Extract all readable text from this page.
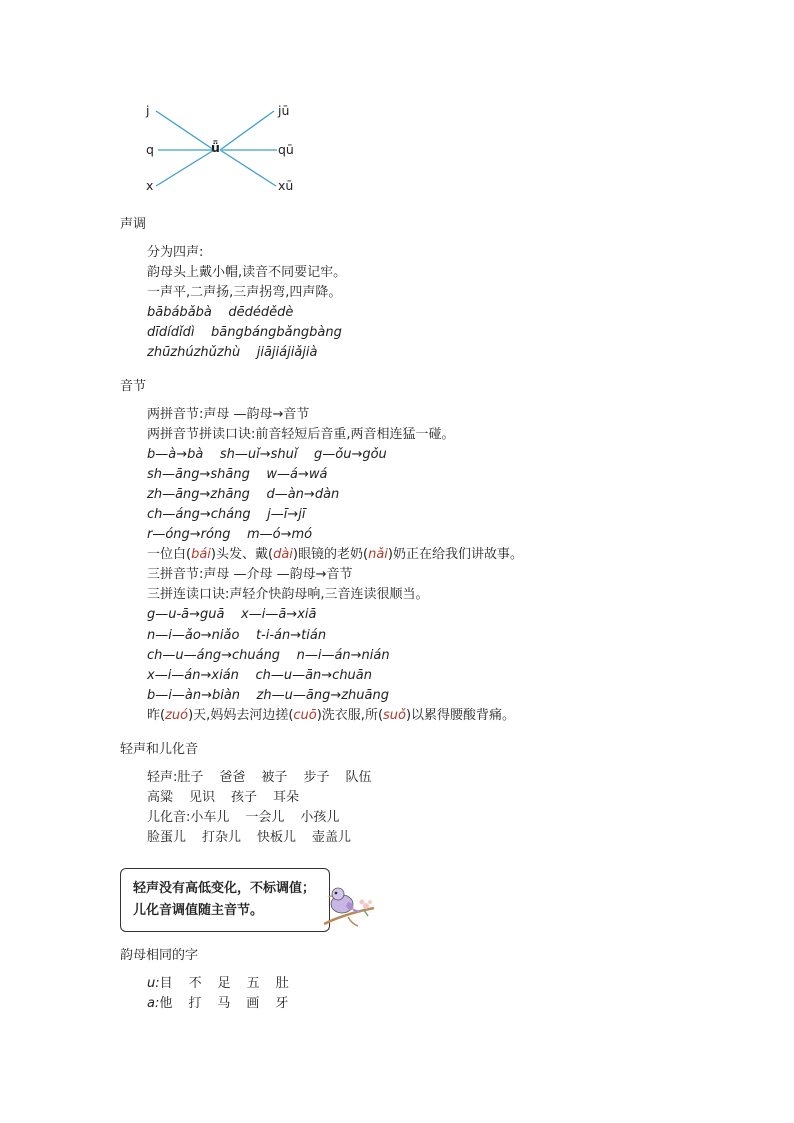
j
q
x
ǖ
jū
qū
xū
声调
分为四声:
韵母头上戴小帽,读音不同要记牢。
一声平,二声扬,三声拐弯,四声降。
bābábǎbà    dēdédědè
dīdídǐdì    bāngbángbǎngbàng
zhūzhúzhǔzhù    jiājiájiǎjià
音节
两拼音节:声母 —韵母→音节
两拼音节拼读口诀:前音轻短后音重,两音相连猛一碰。
b—à→bà    sh—uǐ→shuǐ    g—ǒu→gǒu
sh—āng→shāng    w—á→wá
zh—āng→zhāng    d—àn→dàn
ch—áng→cháng    j—ī→jī
r—óng→róng    m—ó→mó
一位白(bái)头发、戴(dài)眼镜的老奶(nǎi)奶正在给我们讲故事。
三拼音节:声母 —介母 —韵母→音节
三拼连读口诀:声轻介快韵母响,三音连读很顺当。
g—u-ā→guā    x—i—ā→xiā
n—i—ǎo→niǎo    t-i-án→tián
ch—u—áng→chuáng    n—i—án→nián
x—i—án→xián    ch—u—ān→chuān
b—i—àn→biàn    zh—u—āng→zhuāng
昨(zuó)天,妈妈去河边搓(cuō)洗衣服,所(suǒ)以累得腰酸背痛。
轻声和儿化音
轻声:肚子 爸爸 被子 步子 队伍
高粱 见识 孩子 耳朵
儿化音:小车儿 一会儿 小孩儿
脸蛋儿 打杂儿 快板儿 壶盖儿
轻声没有高低变化，不标调值；儿化音调值随主音节。
韵母相同的字
u:目 不 足 五 肚
a:他 打 马 画 牙
